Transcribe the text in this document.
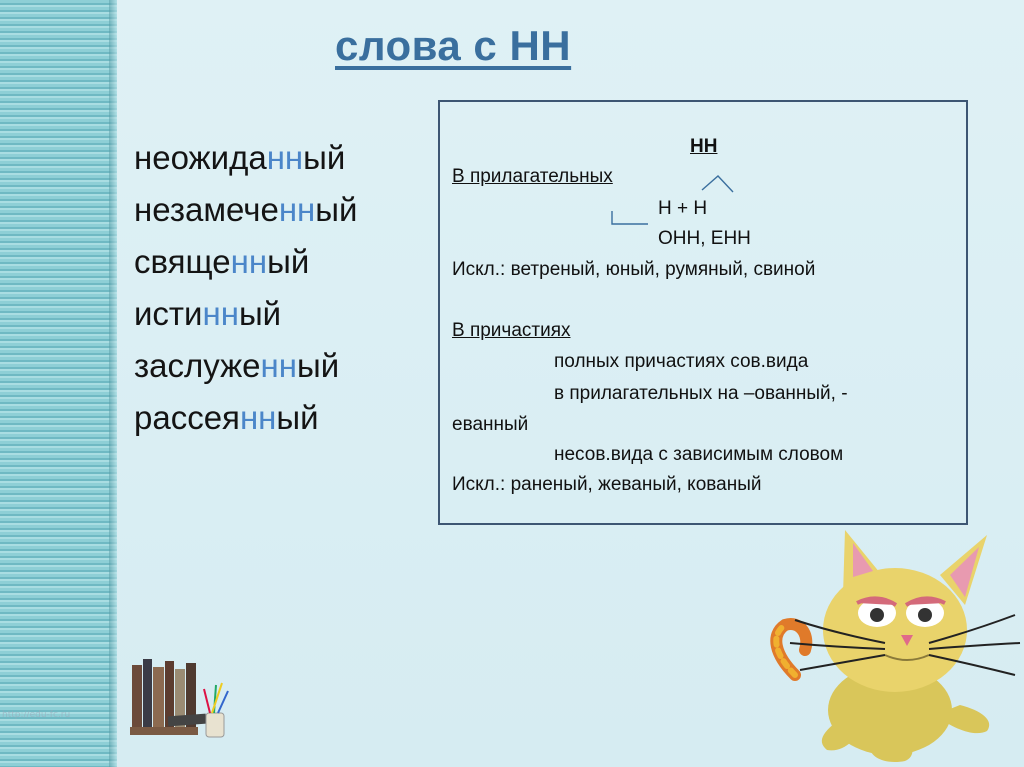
слова с НН
неожиданный
незамеченный
священный
истинный
заслуженный
рассеянный

НН

В прилагательных

Н + Н

ОНН, ЕНН

Искл.: ветреный, юный, румяный, свиной

В причастиях

полных причастиях сов.вида

в прилагательных на –ованный, -

еванный

несов.вида с зависимым словом

Искл.: раненый, жеваный, кованый

http://edu-fc.ru
